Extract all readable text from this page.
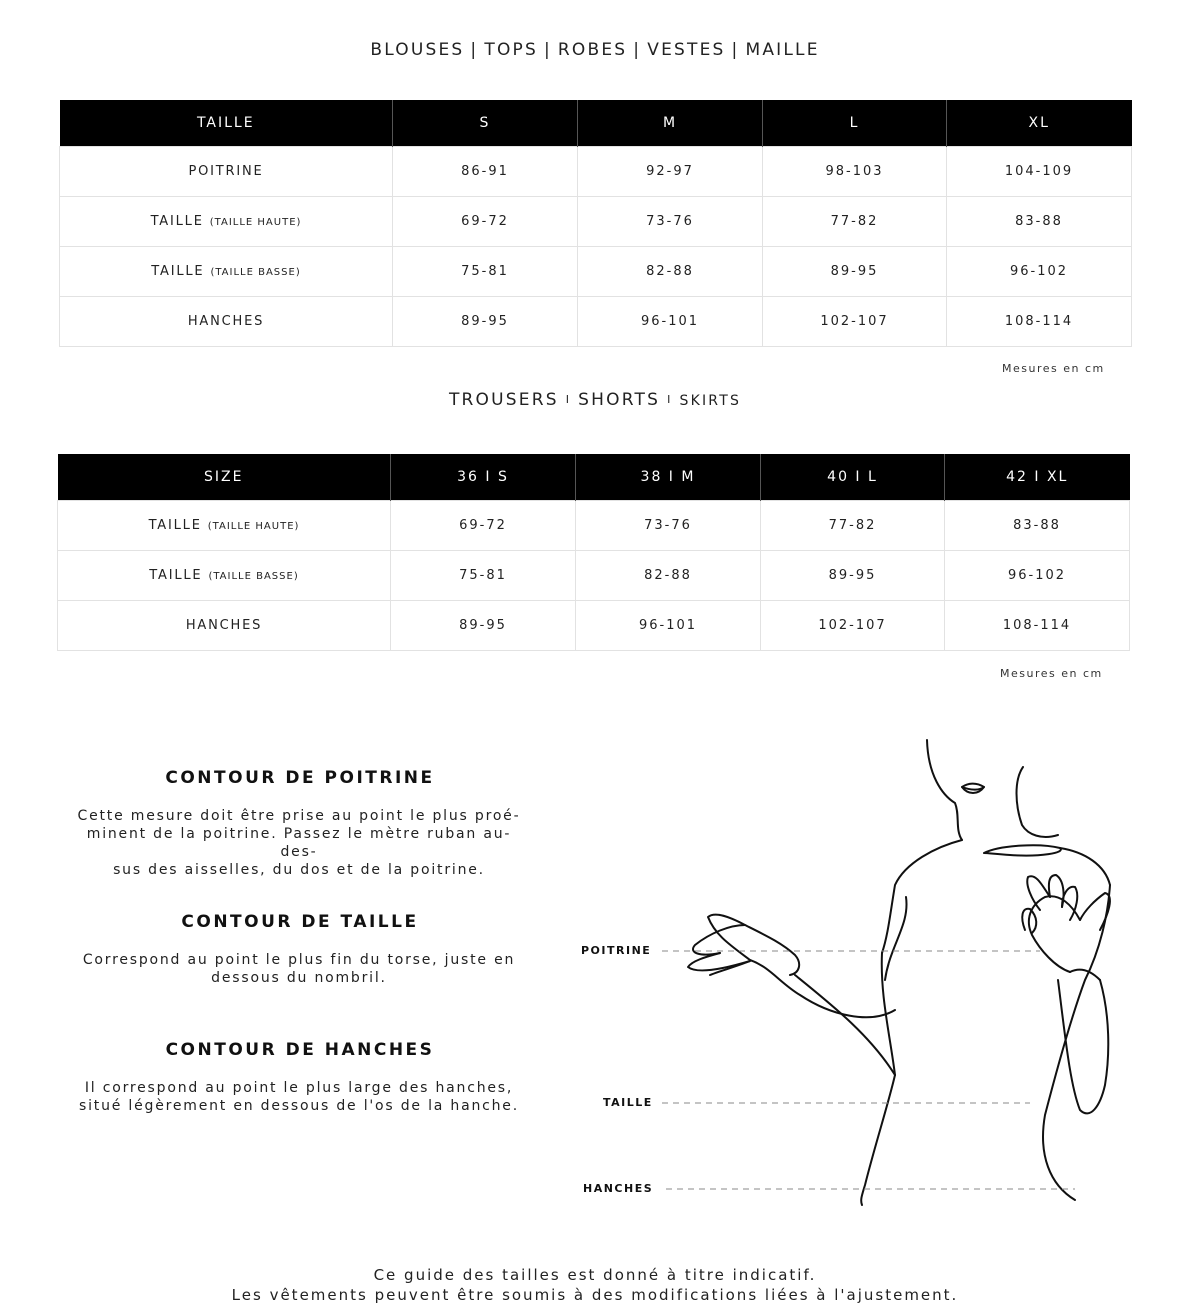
BLOUSES | TOPS | ROBES | VESTES | MAILLE
TAILLE	S	M	L	XL
POITRINE	86-91	92-97	98-103	104-109
TAILLE (TAILLE HAUTE)	69-72	73-76	77-82	83-88
TAILLE (TAILLE BASSE)	75-81	82-88	89-95	96-102
HANCHES	89-95	96-101	102-107	108-114
Mesures en cm
TROUSERS I SHORTS I SKIRTS
SIZE	36 I S	38 I M	40 I L	42 I XL
TAILLE (TAILLE HAUTE)	69-72	73-76	77-82	83-88
TAILLE (TAILLE BASSE)	75-81	82-88	89-95	96-102
HANCHES	89-95	96-101	102-107	108-114
Mesures en cm
CONTOUR DE POITRINE
Cette mesure doit être prise au point le plus proé-
minent de la poitrine. Passez le mètre ruban au-des-
sus des aisselles, du dos et de la poitrine.
CONTOUR DE TAILLE
Correspond au point le plus fin du torse, juste en
dessous du nombril.
CONTOUR DE HANCHES
Il correspond au point le plus large des hanches,
situé légèrement en dessous de l'os de la hanche.
POITRINE
TAILLE
HANCHES
Ce guide des tailles est donné à titre indicatif.
Les vêtements peuvent être soumis à des modifications liées à l'ajustement.
